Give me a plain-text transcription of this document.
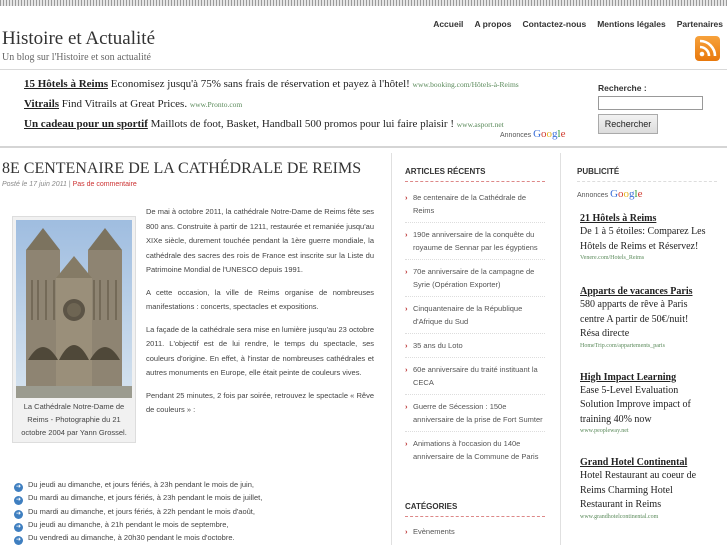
Accueil A propos Contactez-nous Mentions légales Partenaires
Histoire et Actualité
Un blog sur l'Histoire et son actualité
15 Hôtels à Reims Economisez jusqu'à 75% sans frais de réservation et payez à l'hôtel! www.booking.com/Hôtels-à-Reims
Vitrails Find Vitrails at Great Prices. www.Pronto.com
Un cadeau pour un sportif Maillots de foot, Basket, Handball 500 promos pour lui faire plaisir ! www.asport.net
Annonces Google
Recherche :
Rechercher
8E CENTENAIRE DE LA CATHÉDRALE DE REIMS
Posté le 17 juin 2011 | Pas de commentaire
La Cathédrale Notre-Dame de Reims - Photographie du 21 octobre 2004 par Yann Grossel.

De mai à octobre 2011, la cathédrale Notre-Dame de Reims fête ses 800 ans. Construite à partir de 1211, restaurée et remaniée jusqu'au XIXe siècle, durement touchée pendant la 1ère guerre mondiale, la cathédrale des sacres des rois de France est inscrite sur la Liste du Patrimoine Mondial de l'UNESCO depuis 1991.

A cette occasion, la ville de Reims organise de nombreuses manifestations : concerts, spectacles et expositions.

La façade de la cathédrale sera mise en lumière jusqu'au 23 octobre 2011. L'objectif est de lui rendre, le temps du spectacle, ses couleurs d'origine. En effet, à l'instar de nombreuses cathédrales et autres monuments en Europe, elle était peinte de couleurs vives.

Pendant 25 minutes, 2 fois par soirée, retrouvez le spectacle « Rêve de couleurs » :

➜ Du jeudi au dimanche, et jours fériés, à 23h pendant le mois de juin,
➜ Du mardi au dimanche, et jours fériés, à 23h pendant le mois de juillet,
➜ Du mardi au dimanche, et jours fériés, à 22h pendant le mois d'août,
➜ Du jeudi au dimanche, à 21h pendant le mois de septembre,
➜ Du vendredi au dimanche, à 20h30 pendant le mois d'octobre.
ARTICLES RÉCENTS
› 8e centenaire de la Cathédrale de Reims
› 190e anniversaire de la conquête du royaume de Sennar par les égyptiens
› 70e anniversaire de la campagne de Syrie (Opération Exporter)
› Cinquantenaire de la République d'Afrique du Sud
› 35 ans du Loto
› 60e anniversaire du traité instituant la CECA
› Guerre de Sécession : 150e anniversaire de la prise de Fort Sumter
› Animations à l'occasion du 140e anniversaire de la Commune de Paris
CATÉGORIES
› Evènements
PUBLICITÉ
Annonces Google
21 Hôtels à Reims
De 1 à 5 étoiles: Comparez Les Hôtels de Reims et Réservez!
Venere.com/Hotels_Reims
Apparts de vacances Paris
580 apparts de rêve à Paris centre A partir de 50€/nuit! Résa directe
HomeTrip.com/appartements_paris
High Impact Learning
Ease 5-Level Evaluation Solution Improve impact of training 40% now
www.peopleway.net
Grand Hotel Continental
Hotel Restaurant au coeur de Reims Charming Hotel Restaurant in Reims
www.grandhotelcontinental.com
